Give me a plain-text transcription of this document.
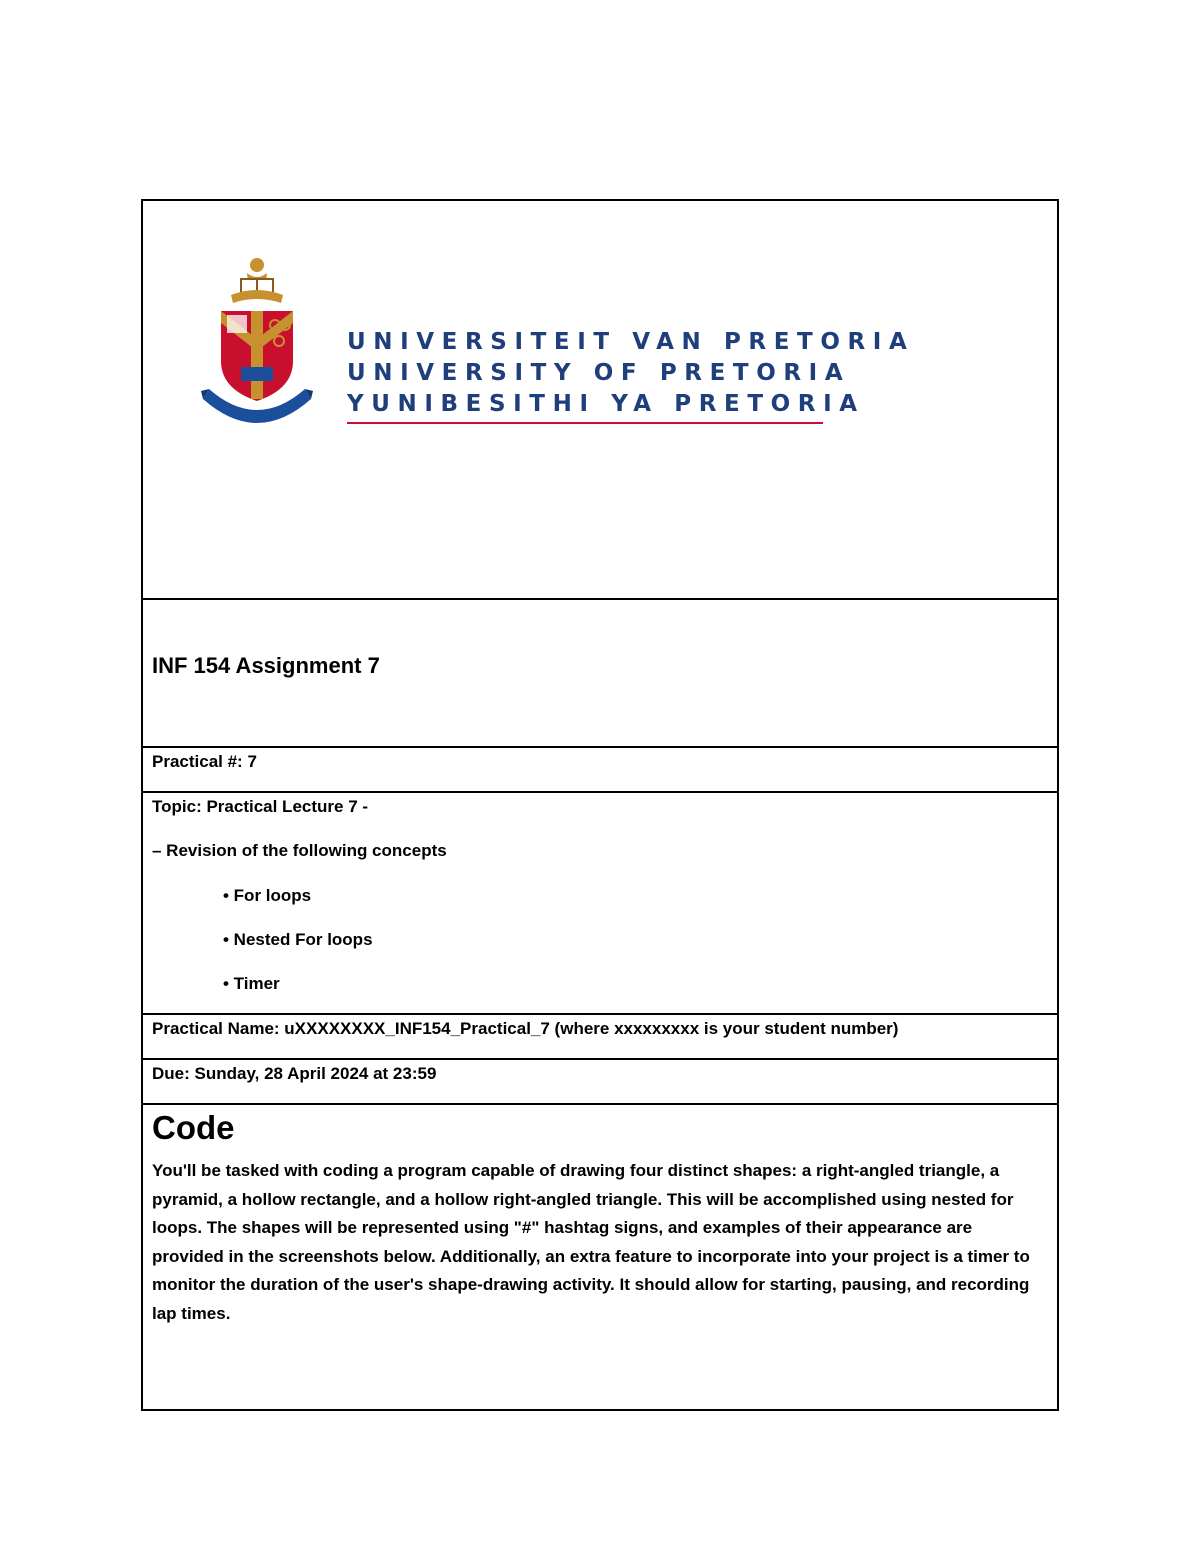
UNIVERSITEIT VAN PRETORIA
UNIVERSITY OF PRETORIA
YUNIBESITHI YA PRETORIA
INF 154 Assignment 7
Practical #: 7
Topic: Practical Lecture 7 -
– Revision of the following concepts
• For loops
• Nested For loops
• Timer
Practical Name: uXXXXXXXX_INF154_Practical_7 (where xxxxxxxxx is your student number)
Due: Sunday, 28 April 2024 at 23:59
Code
You'll be tasked with coding a program capable of drawing four distinct shapes: a right-angled triangle, a pyramid, a hollow rectangle, and a hollow right-angled triangle. This will be accomplished using nested for loops. The shapes will be represented using "#" hashtag signs, and examples of their appearance are provided in the screenshots below. Additionally, an extra feature to incorporate into your project is a timer to monitor the duration of the user's shape-drawing activity. It should allow for starting, pausing, and recording lap times.
